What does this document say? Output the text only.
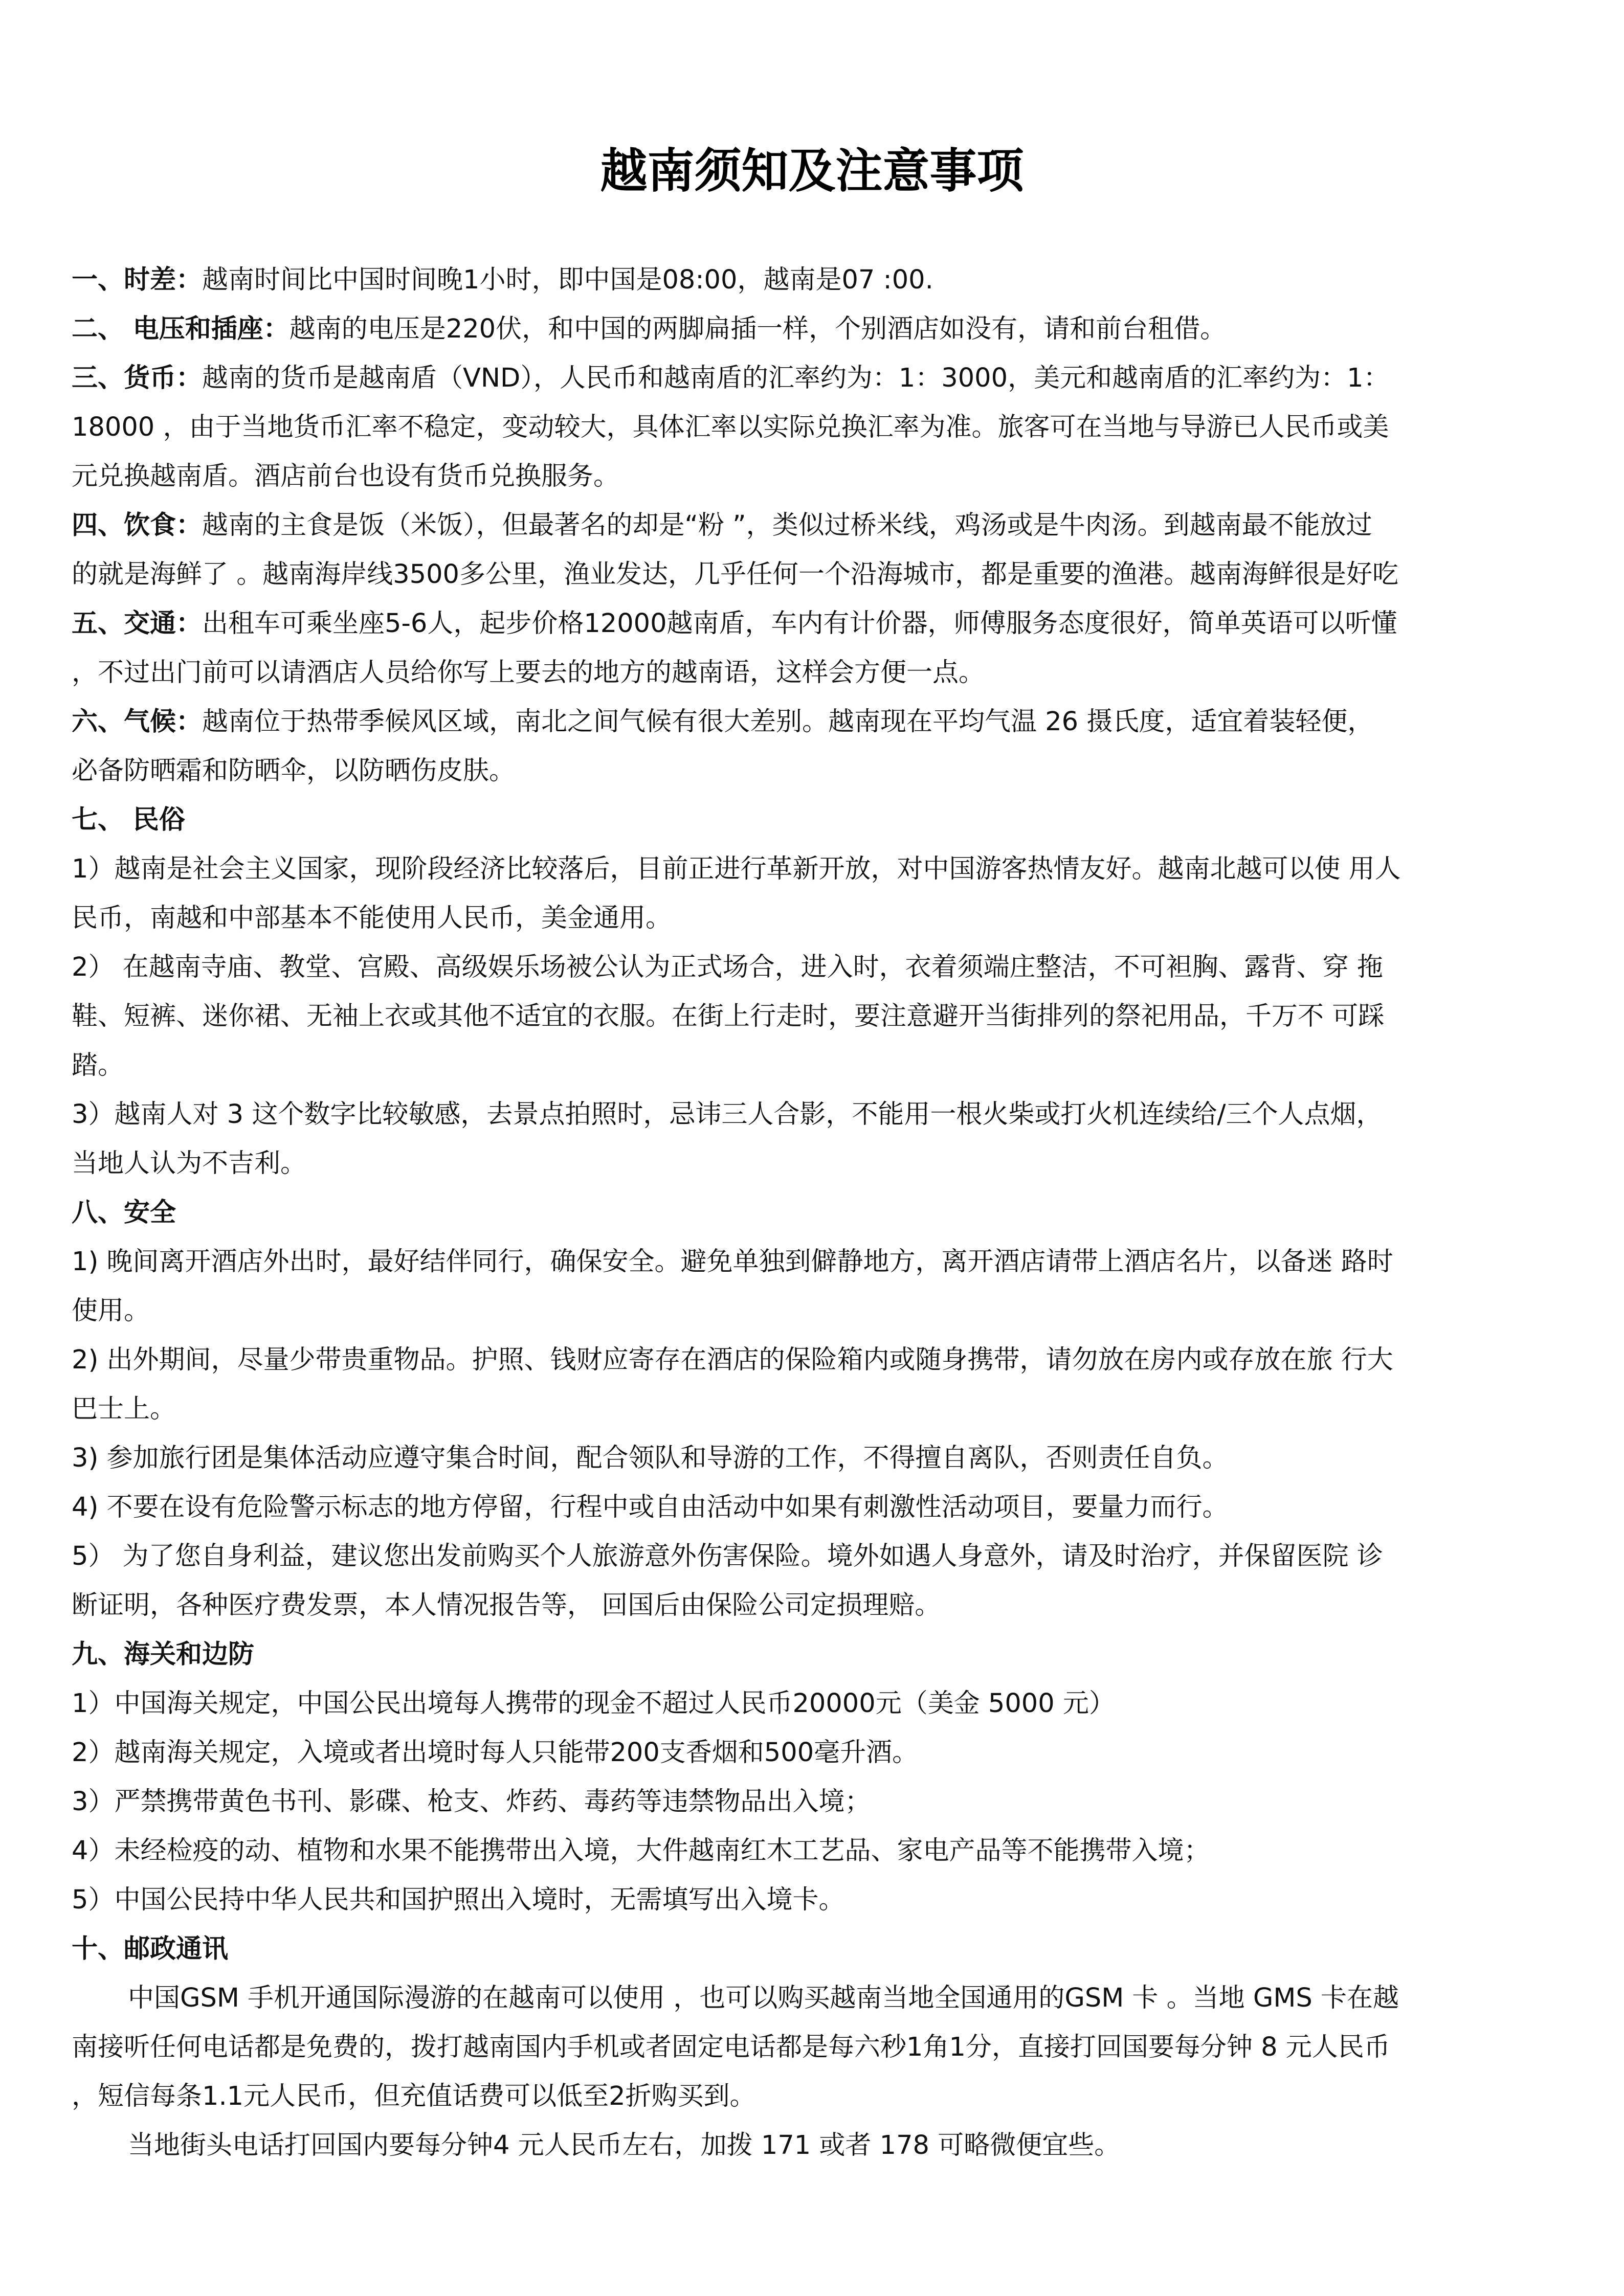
越南须知及注意事项
一、时差：越南时间比中国时间晚1小时，即中国是08:00，越南是07 :00.
二、 电压和插座：越南的电压是220伏，和中国的两脚扁插一样，个别酒店如没有，请和前台租借。
三、货币：越南的货币是越南盾（VND），人民币和越南盾的汇率约为：1：3000，美元和越南盾的汇率约为：1：
18000 ，由于当地货币汇率不稳定，变动较大，具体汇率以实际兑换汇率为准。旅客可在当地与导游已人民币或美
元兑换越南盾。酒店前台也设有货币兑换服务。
四、饮食：越南的主食是饭（米饭），但最著名的却是“粉 ”，类似过桥米线，鸡汤或是牛肉汤。到越南最不能放过
的就是海鲜了 。越南海岸线3500多公里，渔业发达，几乎任何一个沿海城市，都是重要的渔港。越南海鲜很是好吃
五、交通：出租车可乘坐座5-6人，起步价格12000越南盾，车内有计价器，师傅服务态度很好，简单英语可以听懂
，不过出门前可以请酒店人员给你写上要去的地方的越南语，这样会方便一点。
六、气候：越南位于热带季候风区域，南北之间气候有很大差别。越南现在平均气温 26 摄氏度，适宜着装轻便，
必备防晒霜和防晒伞，以防晒伤皮肤。
七、 民俗
1）越南是社会主义国家，现阶段经济比较落后，目前正进行革新开放，对中国游客热情友好。越南北越可以使 用人
民币，南越和中部基本不能使用人民币，美金通用。
2） 在越南寺庙、教堂、宫殿、高级娱乐场被公认为正式场合，进入时，衣着须端庄整洁，不可袒胸、露背、穿 拖
鞋、短裤、迷你裙、无袖上衣或其他不适宜的衣服。在街上行走时，要注意避开当街排列的祭祀用品，千万不 可踩
踏。
3）越南人对 3 这个数字比较敏感，去景点拍照时，忌讳三人合影，不能用一根火柴或打火机连续给/三个人点烟，
当地人认为不吉利。
八、安全
1) 晚间离开酒店外出时，最好结伴同行，确保安全。避免单独到僻静地方，离开酒店请带上酒店名片，以备迷 路时
使用。
2) 出外期间，尽量少带贵重物品。护照、钱财应寄存在酒店的保险箱内或随身携带，请勿放在房内或存放在旅 行大
巴士上。
3) 参加旅行团是集体活动应遵守集合时间，配合领队和导游的工作，不得擅自离队，否则责任自负。
4) 不要在设有危险警示标志的地方停留，行程中或自由活动中如果有刺激性活动项目，要量力而行。
5） 为了您自身利益，建议您出发前购买个人旅游意外伤害保险。境外如遇人身意外，请及时治疗，并保留医院 诊
断证明，各种医疗费发票，本人情况报告等， 回国后由保险公司定损理赔。
九、海关和边防
1）中国海关规定，中国公民出境每人携带的现金不超过人民币20000元（美金 5000 元）
2）越南海关规定，入境或者出境时每人只能带200支香烟和500毫升酒。
3）严禁携带黄色书刊、影碟、枪支、炸药、毒药等违禁物品出入境；
4）未经检疫的动、植物和水果不能携带出入境，大件越南红木工艺品、家电产品等不能携带入境；
5）中国公民持中华人民共和国护照出入境时，无需填写出入境卡。
十、邮政通讯
中国GSM 手机开通国际漫游的在越南可以使用 ，也可以购买越南当地全国通用的GSM 卡 。当地 GMS 卡在越
南接听任何电话都是免费的，拨打越南国内手机或者固定电话都是每六秒1角1分，直接打回国要每分钟 8 元人民币
，短信每条1.1元人民币，但充值话费可以低至2折购买到。
当地街头电话打回国内要每分钟4 元人民币左右，加拨 171 或者 178 可略微便宜些。
